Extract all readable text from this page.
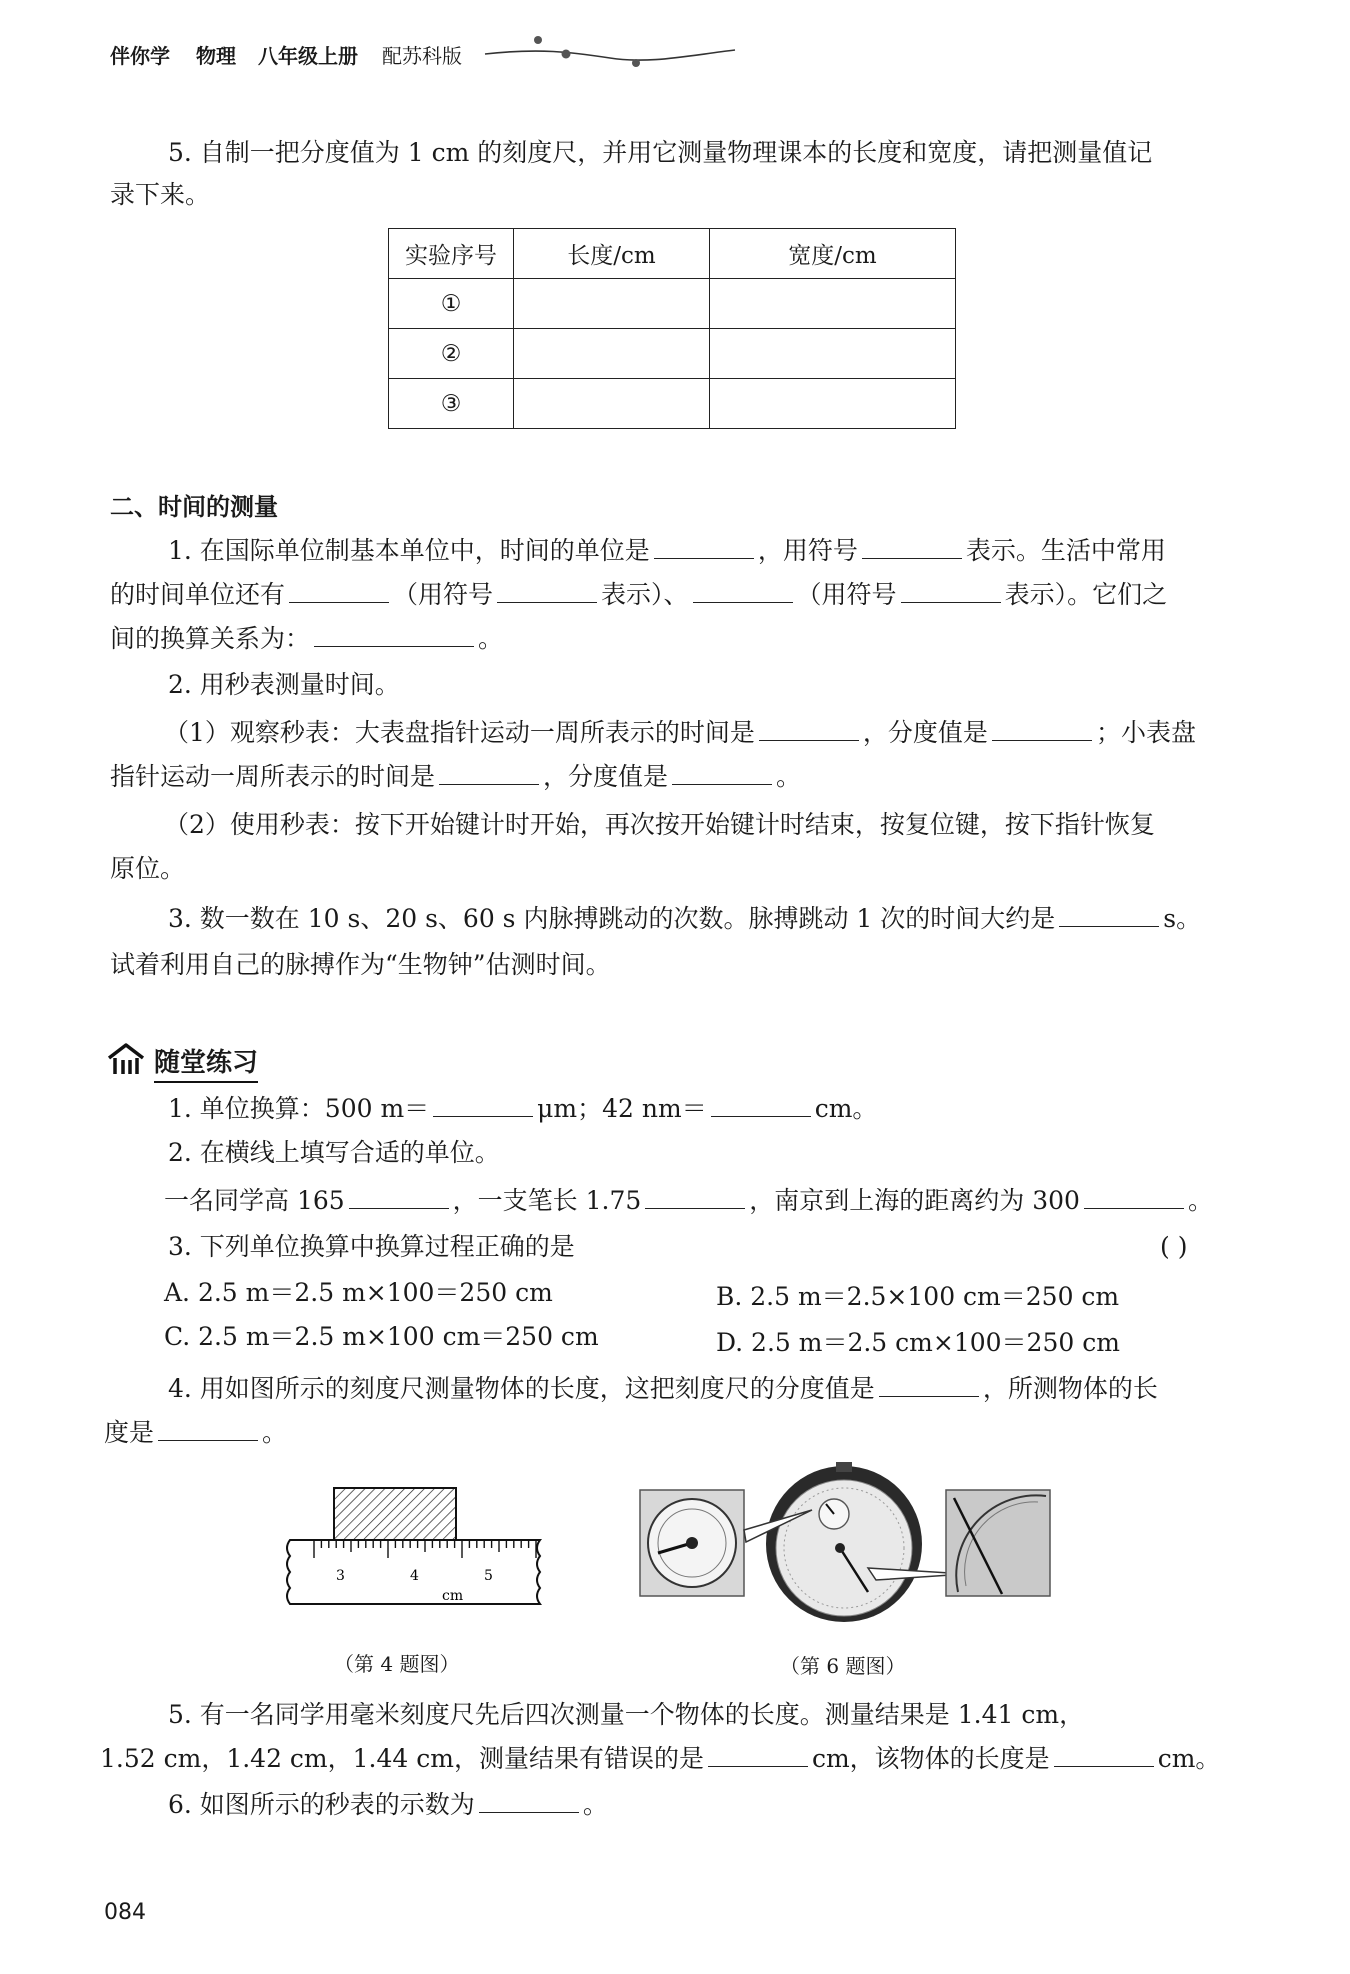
伴你学 物理 八年级上册 配苏科版
5. 自制一把分度值为 1 cm 的刻度尺，并用它测量物理课本的长度和宽度，请把测量值记
录下来。
实验序号	长度/cm	宽度/cm
①		
②		
③		
二、时间的测量
1. 在国际单位制基本单位中，时间的单位是	，用符号	表示。生活中常用
的时间单位还有	（用符号	表示）、	（用符号	表示）。它们之
间的换算关系为：	。
2. 用秒表测量时间。
（1）观察秒表：大表盘指针运动一周所表示的时间是	，分度值是	；小表盘
指针运动一周所表示的时间是	，分度值是	。
（2）使用秒表：按下开始键计时开始，再次按开始键计时结束，按复位键，按下指针恢复
原位。
3. 数一数在 10 s、20 s、60 s 内脉搏跳动的次数。脉搏跳动 1 次的时间大约是	s。
试着利用自己的脉搏作为“生物钟”估测时间。
随堂练习
1. 单位换算：500 m＝	μm；42 nm＝	cm。
2. 在横线上填写合适的单位。
一名同学高 165	，一支笔长 1.75	，南京到上海的距离约为 300	。
3. 下列单位换算中换算过程正确的是	( )
A. 2.5 m＝2.5 m×100＝250 cm	B. 2.5 m＝2.5×100 cm＝250 cm
C. 2.5 m＝2.5 m×100 cm＝250 cm	D. 2.5 m＝2.5 cm×100＝250 cm
4. 用如图所示的刻度尺测量物体的长度，这把刻度尺的分度值是	，所测物体的长
度是	。
3	4	5
cm
（第 4 题图）	（第 6 题图）
5. 有一名同学用毫米刻度尺先后四次测量一个物体的长度。测量结果是 1.41 cm，
1.52 cm，1.42 cm，1.44 cm，测量结果有错误的是	cm，该物体的长度是	cm。
6. 如图所示的秒表的示数为	。
084
